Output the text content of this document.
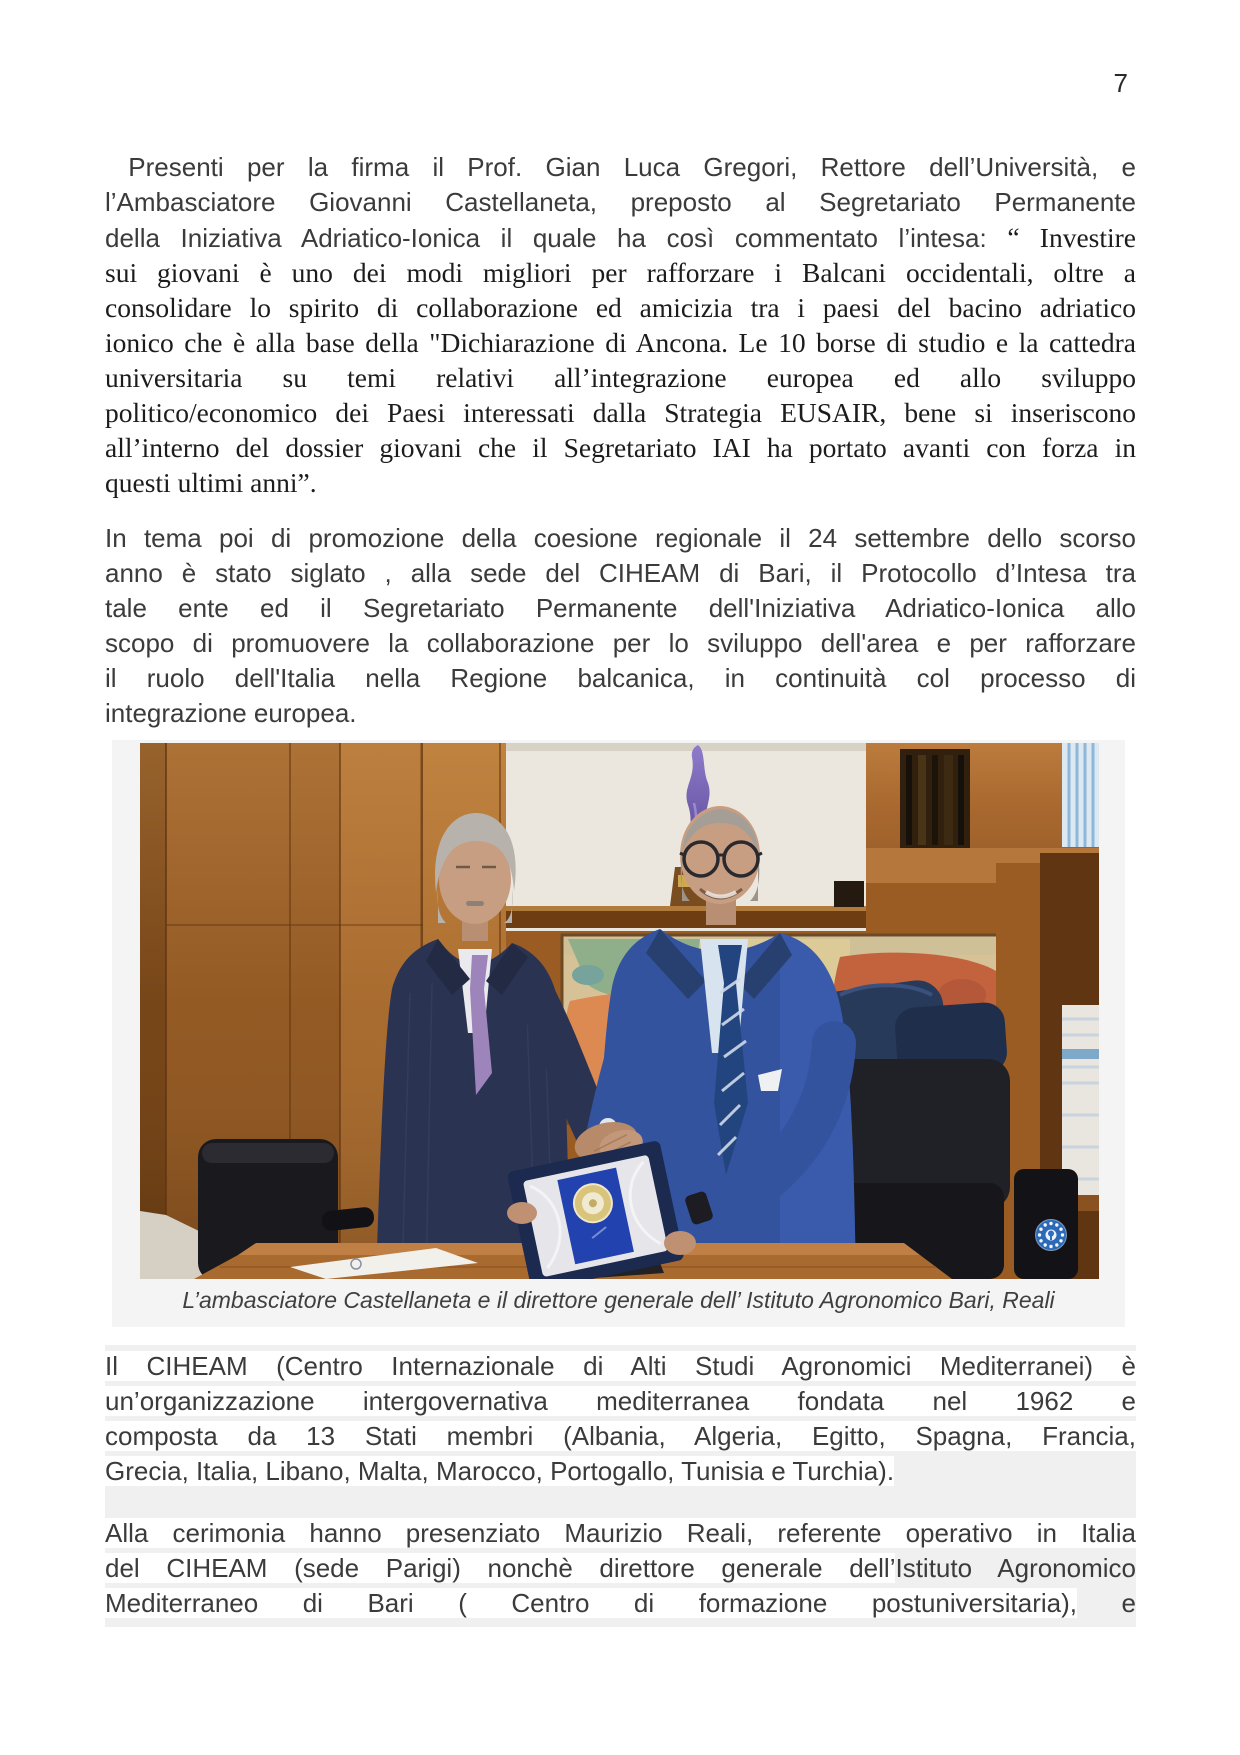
7
Presenti per la firma il Prof. Gian Luca Gregori, Rettore dell’Università, e
l’Ambasciatore Giovanni Castellaneta, preposto al Segretariato Permanente
della Iniziativa Adriatico-Ionica il quale ha così commentato l’intesa: “ Investire
sui giovani è uno dei modi migliori per rafforzare i Balcani occidentali, oltre a
consolidare lo spirito di collaborazione ed amicizia tra i paesi del bacino adriatico
ionico che è alla base della "Dichiarazione di Ancona. Le 10 borse di studio e la cattedra
universitaria su temi relativi all’integrazione europea ed allo sviluppo
politico/economico dei Paesi interessati dalla Strategia EUSAIR, bene si inseriscono
all’interno del dossier giovani che il Segretariato IAI ha portato avanti con forza in
questi ultimi anni”.
In tema poi di promozione della coesione regionale il 24 settembre dello scorso
anno è stato siglato , alla sede del CIHEAM di Bari, il Protocollo d’Intesa tra
tale ente ed il Segretariato Permanente dell'Iniziativa Adriatico-Ionica allo
scopo di promuovere la collaborazione per lo sviluppo dell'area e per rafforzare
il ruolo dell'Italia nella Regione balcanica, in continuità col processo di
integrazione europea.
L’ambasciatore Castellaneta e il direttore generale dell’ Istituto Agronomico Bari, Reali
Il CIHEAM (Centro Internazionale di Alti Studi Agronomici Mediterranei) è
un’organizzazione intergovernativa mediterranea fondata nel 1962 e
composta da 13 Stati membri (Albania, Algeria, Egitto, Spagna, Francia,
Grecia, Italia, Libano, Malta, Marocco, Portogallo, Tunisia e Turchia).
Alla cerimonia hanno presenziato Maurizio Reali, referente operativo in Italia
del CIHEAM (sede Parigi) nonchè direttore generale dell’Istituto Agronomico
Mediterraneo di Bari ( Centro di formazione postuniversitaria), e
